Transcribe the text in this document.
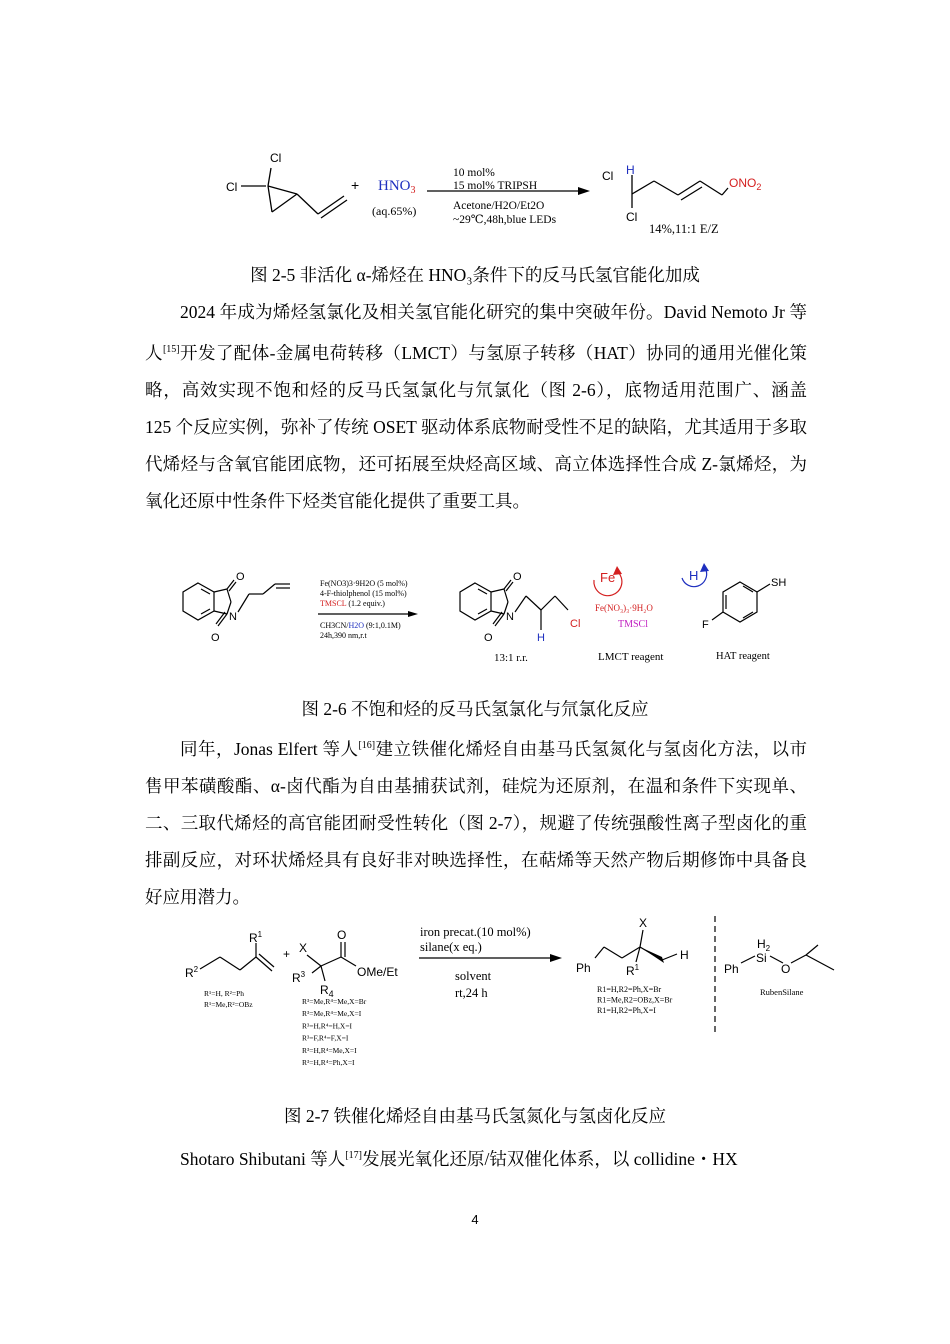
Cl
Cl	+
Cl H
Cl
$ONO_2$
$HNO_3$
(aq.65%)
10 mol%
15 mol% TRIPSH
Acetone/H2O/Et2O
~29℃,48h,blue LEDs
14%,11:1 E/Z

图 2-5 非活化 α-烯烃在 HNO₃条件下的反马氏氢官能化加成

2024 年成为烯烃氢氯化及相关氢官能化研究的集中突破年份。David Nemoto Jr 等人[15]开发了配体-金属电荷转移（LMCT）与氢原子转移（HAT）协同的通用光催化策略，高效实现不饱和烃的反马氏氢氯化与氘氯化（图 2-6），底物适用范围广、涵盖 125 个反应实例，弥补了传统 OSET 驱动体系底物耐受性不足的缺陷，尤其适用于多取代烯烃与含氧官能团底物，还可拓展至炔烃高区域、高立体选择性合成 Z-氯烯烃，为氧化还原中性条件下烃类官能化提供了重要工具。

O
N
O
O
N
O	H
Cl
SH
F
Fe	H
Fe(NO3)3·9H2O (5 mol%)
4-F-thiolphenol (15 mol%)
TMSCL (1.2 equiv.)
CH3CN/H2O (9:1,0.1M)
24h,390 nm,r.t
13:1 r.r.
Fe(NO₃)₃·9H₂O
TMSCl
LMCT reagent	HAT reagent

图 2-6 不饱和烃的反马氏氢氯化与氘氯化反应

同年，Jonas Elfert 等人[16]建立铁催化烯烃自由基马氏氢氮化与氢卤化方法，以市售甲苯磺酸酯、α-卤代酯为自由基捕获试剂，硅烷为还原剂，在温和条件下实现单、二、三取代烯烃的高官能团耐受性转化（图 2-7），规避了传统强酸性离子型卤化的重排副反应，对环状烯烃具有良好非对映选择性，在萜烯等天然产物后期修饰中具备良好应用潜力。

$R^1$
$R^2$
+ X
O
$R^3$	OMe/Et
$R_4$
X
Ph	$R^1$
H
$H_2$
Si
Ph	O
R¹=H, R²=Ph
R¹=Me,R²=OBz	R³=Me,R⁴=Me,X=Br
R³=Me,R⁴=Me,X=I
R³=H,R⁴=H,X=I
R³=F,R⁴=F,X=I
R³=H,R⁴=Me,X=I
R³=H,R⁴=Ph,X=I
iron precat.(10 mol%)
silane(x eq.)
solvent
rt,24 h	R1=H,R2=Ph,X=Br
R1=Me,R2=OBz,X=Br
R1=H,R2=Ph,X=I
RubenSilane

图 2-7 铁催化烯烃自由基马氏氢氮化与氢卤化反应

Shotaro Shibutani 等人[17]发展光氧化还原/钴双催化体系，以 collidine・HX

4
